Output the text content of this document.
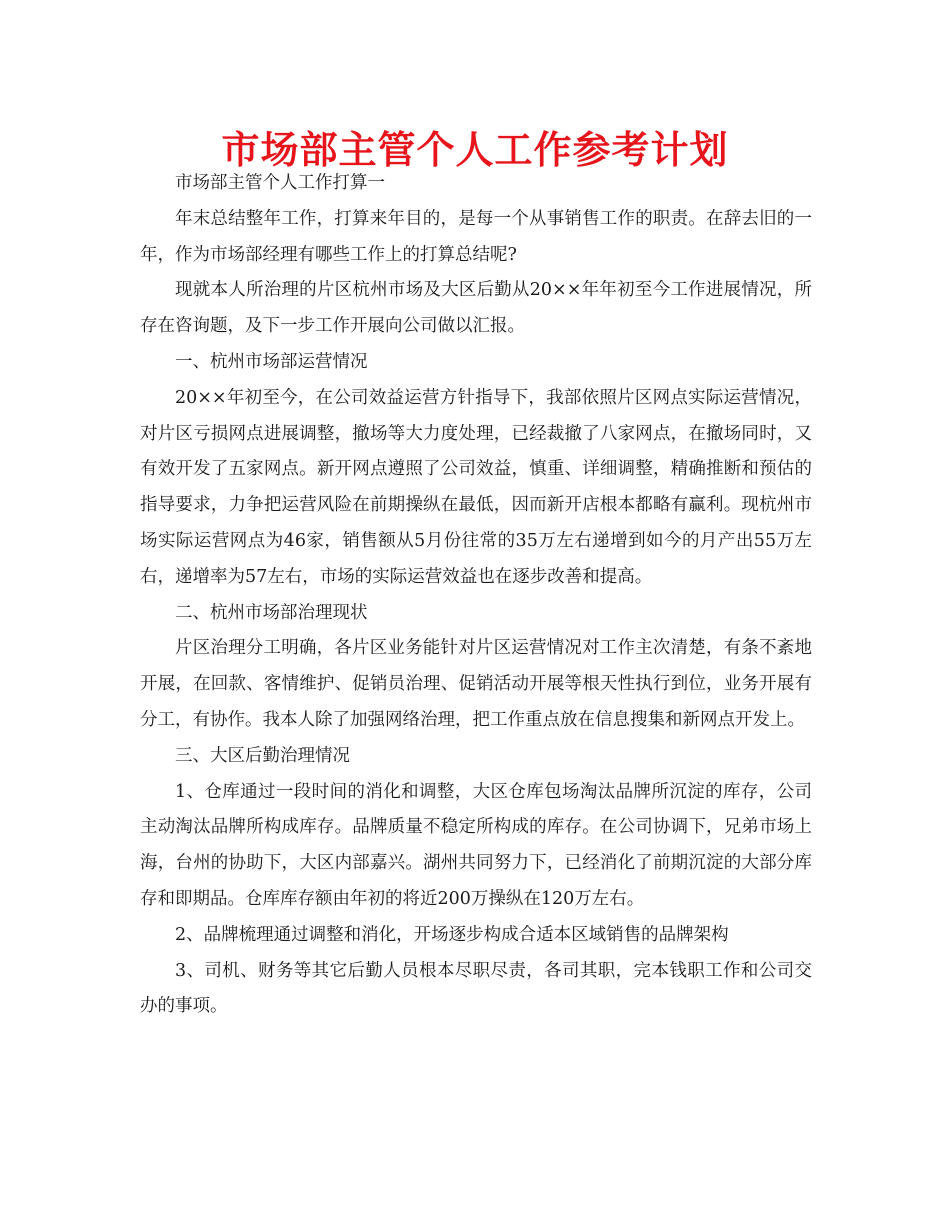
市场部主管个人工作参考计划

市场部主管个人工作打算一

年末总结整年工作，打算来年目的，是每一个从事销售工作的职责。在辞去旧的一年，作为市场部经理有哪些工作上的打算总结呢?

现就本人所治理的片区杭州市场及大区后勤从20××年年初至今工作进展情况，所存在咨询题，及下一步工作开展向公司做以汇报。

一、杭州市场部运营情况

20××年初至今，在公司效益运营方针指导下，我部依照片区网点实际运营情况，对片区亏损网点进展调整，撤场等大力度处理，已经裁撤了八家网点，在撤场同时，又有效开发了五家网点。新开网点遵照了公司效益，慎重、详细调整，精确推断和预估的指导要求，力争把运营风险在前期操纵在最低，因而新开店根本都略有赢利。现杭州市场实际运营网点为46家，销售额从5月份往常的35万左右递增到如今的月产出55万左右，递增率为57左右，市场的实际运营效益也在逐步改善和提高。

二、杭州市场部治理现状

片区治理分工明确，各片区业务能针对片区运营情况对工作主次清楚，有条不紊地开展，在回款、客情维护、促销员治理、促销活动开展等根天性执行到位，业务开展有分工，有协作。我本人除了加强网络治理，把工作重点放在信息搜集和新网点开发上。

三、大区后勤治理情况

1、仓库通过一段时间的消化和调整，大区仓库包场淘汰品牌所沉淀的库存，公司主动淘汰品牌所构成库存。品牌质量不稳定所构成的库存。在公司协调下，兄弟市场上海，台州的协助下，大区内部嘉兴。湖州共同努力下，已经消化了前期沉淀的大部分库存和即期品。仓库库存额由年初的将近200万操纵在120万左右。

2、品牌梳理通过调整和消化，开场逐步构成合适本区域销售的品牌架构

3、司机、财务等其它后勤人员根本尽职尽责，各司其职，完本钱职工作和公司交办的事项。
